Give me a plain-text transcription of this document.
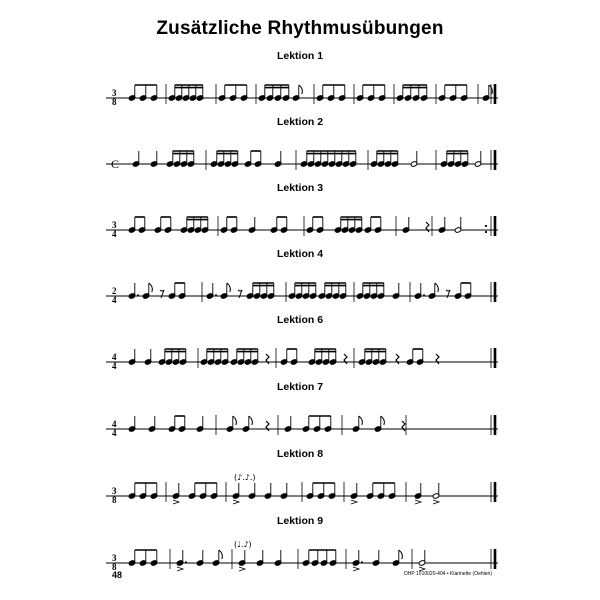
Zusätzliche Rhythmusübungen
Lektion 1
3
8
Lektion 2
C
Lektion 3
3
4
Lektion 4
2
4
Lektion 6
4
4
Lektion 7
4
4
Lektion 8
3
8
(♪.♪.)
Lektion 9
3
8
(♩.♪)
48	DHP 1010020-404 • Klarinette (Oehlen)
